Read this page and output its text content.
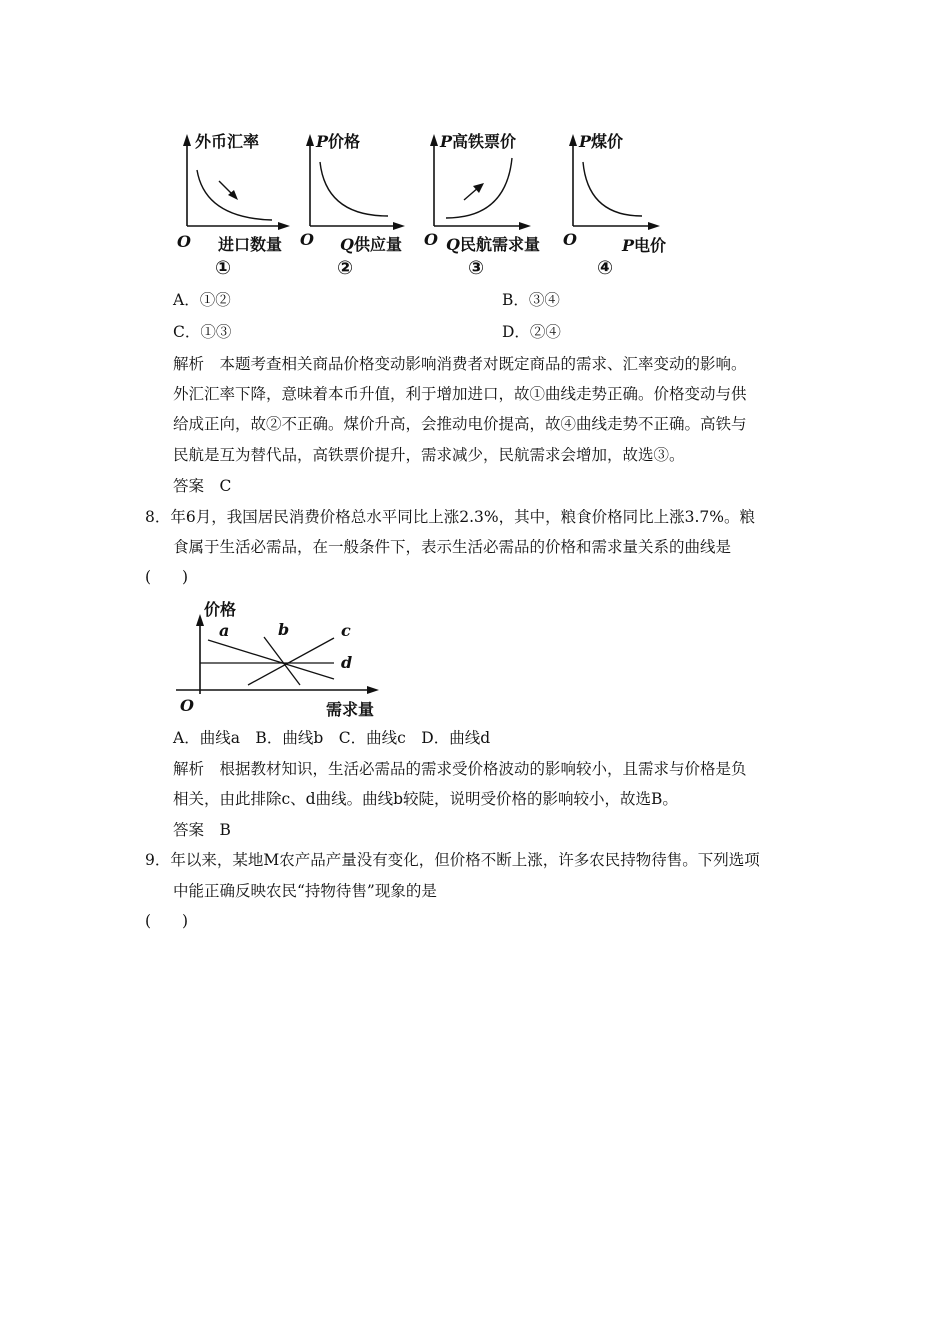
外币汇率
O 进口数量
①
P价格
O Q供应量
②
P高铁票价
O Q民航需求量
③
P煤价
O	P电价
④
A．①②	B．③④
C．①③	D．②④
解析　本题考查相关商品价格变动影响消费者对既定商品的需求、汇率变动的影响。
外汇汇率下降，意味着本币升值，利于增加进口，故①曲线走势正确。价格变动与供
给成正向，故②不正确。煤价升高，会推动电价提高，故④曲线走势不正确。高铁与
民航是互为替代品，高铁票价提升，需求减少，民航需求会增加，故选③。
答案　C
8．年6月，我国居民消费价格总水平同比上涨2.3%，其中，粮食价格同比上涨3.7%。粮
食属于生活必需品，在一般条件下，表示生活必需品的价格和需求量关系的曲线是
(　　)
价格
O	需求量
a	b	c
d
A．曲线a　B．曲线b　C．曲线c　D．曲线d
解析　根据教材知识，生活必需品的需求受价格波动的影响较小，且需求与价格是负
相关，由此排除c、d曲线。曲线b较陡，说明受价格的影响较小，故选B。
答案　B
9．年以来，某地M农产品产量没有变化，但价格不断上涨，许多农民持物待售。下列选项
中能正确反映农民“持物待售”现象的是
(　　)
